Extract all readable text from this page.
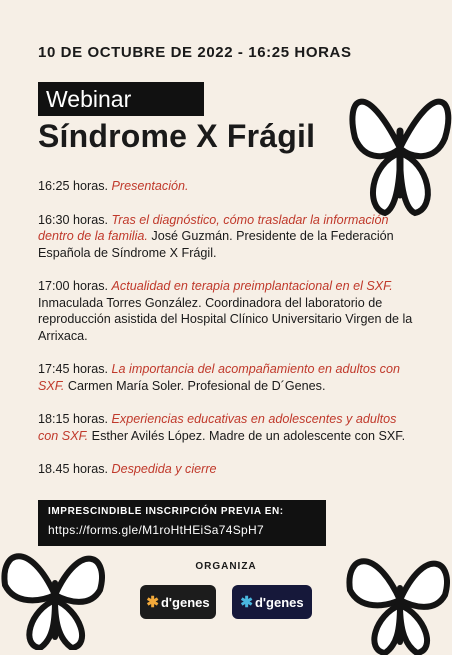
10 DE OCTUBRE DE 2022 - 16:25 HORAS
Webinar
Síndrome X Frágil
16:25 horas. Presentación.
16:30 horas. Tras el diagnóstico, cómo trasladar la información dentro de la familia. José Guzmán. Presidente de la Federación Española de Síndrome X Frágil.
17:00 horas. Actualidad en terapia preimplantacional en el SXF. Inmaculada Torres González. Coordinadora del laboratorio de reproducción asistida del Hospital Clínico Universitario Virgen de la Arrixaca.
17:45 horas. La importancia del acompañamiento en adultos con SXF. Carmen María Soler. Profesional de D´Genes.
18:15 horas. Experiencias educativas en adolescentes y adultos con SXF. Esther Avilés López. Madre de un adolescente con SXF.
18.45 horas. Despedida y cierre
IMPRESCINDIBLE INSCRIPCIÓN PREVIA EN:
https://forms.gle/M1roHtHEiSa74SpH7
ORGANIZA
✱ d'genes ✱ d'genes
